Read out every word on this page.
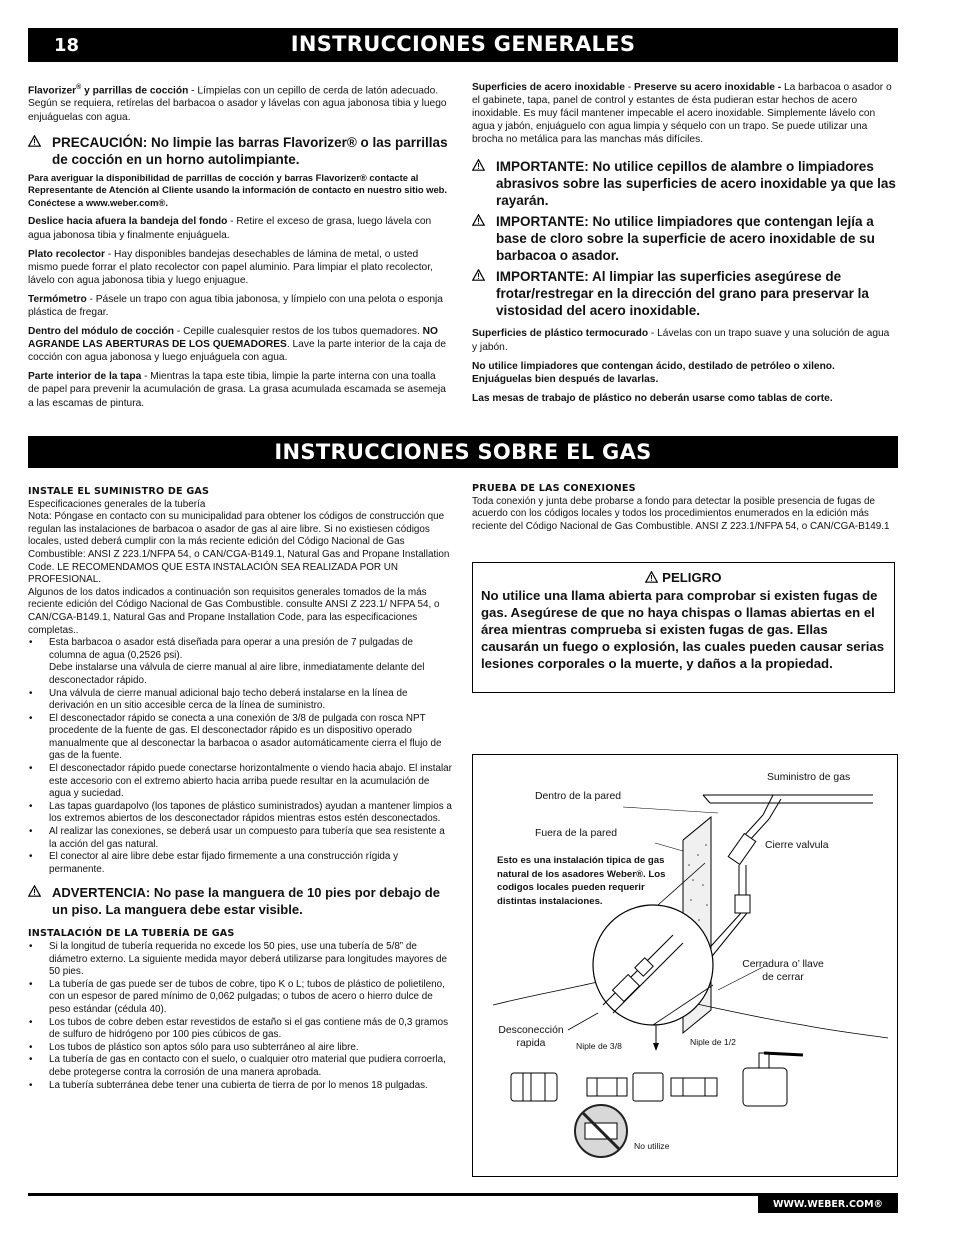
18	INSTRUCCIONES GENERALES

Flavorizer® y parrillas de cocción - Límpielas con un cepillo de cerda de latón adecuado. Según se requiera, retírelas del barbacoa o asador y lávelas con agua jabonosa tibia y luego enjuáguelas con agua.

PRECAUCIÓN: No limpie las barras Flavorizer® o las parrillas de cocción en un horno autolimpiante.

Para averiguar la disponibilidad de parrillas de cocción y barras Flavorizer® contacte al Representante de Atención al Cliente usando la información de contacto en nuestro sitio web. Conéctese a www.weber.com®.

Deslice hacia afuera la bandeja del fondo - Retire el exceso de grasa, luego lávela con agua jabonosa tibia y finalmente enjuáguela.

Plato recolector - Hay disponibles bandejas desechables de lámina de metal, o usted mismo puede forrar el plato recolector con papel aluminio. Para limpiar el plato recolector, lávelo con agua jabonosa tibia y luego enjuague.

Termómetro - Pásele un trapo con agua tibia jabonosa, y límpielo con una pelota o esponja plástica de fregar.

Dentro del módulo de cocción - Cepille cualesquier restos de los tubos quemadores. NO AGRANDE LAS ABERTURAS DE LOS QUEMADORES. Lave la parte interior de la caja de cocción con agua jabonosa y luego enjuáguela con agua.

Parte interior de la tapa - Mientras la tapa este tibia, limpie la parte interna con una toalla de papel para prevenir la acumulación de grasa. La grasa acumulada escamada se asemeja a las escamas de pintura.

Superficies de acero inoxidable - Preserve su acero inoxidable - La barbacoa o asador o el gabinete, tapa, panel de control y estantes de ésta pudieran estar hechos de acero inoxidable. Es muy fácil mantener impecable el acero inoxidable. Simplemente lávelo con agua y jabón, enjuáguelo con agua limpia y séquelo con un trapo. Se puede utilizar una brocha no metálica para las manchas más difíciles.

IMPORTANTE: No utilice cepillos de alambre o limpiadores abrasivos sobre las superficies de acero inoxidable ya que las rayarán.
IMPORTANTE: No utilice limpiadores que contengan lejía a base de cloro sobre la superficie de acero inoxidable de su barbacoa o asador.
IMPORTANTE: Al limpiar las superficies asegúrese de frotar/restregar en la dirección del grano para preservar la vistosidad del acero inoxidable.

Superficies de plástico termocurado - Lávelas con un trapo suave y una solución de agua y jabón.

No utilice limpiadores que contengan ácido, destilado de petróleo o xileno. Enjuáguelas bien después de lavarlas.

Las mesas de trabajo de plástico no deberán usarse como tablas de corte.

INSTRUCCIONES SOBRE EL GAS
INSTALE EL SUMINISTRO DE GAS
Especificaciones generales de la tubería
Nota: Póngase en contacto con su municipalidad para obtener los códigos de construcción que regulan las instalaciones de barbacoa o asador de gas al aire libre. Si no existiesen códigos locales, usted deberá cumplir con la más reciente edición del Código Nacional de Gas Combustible: ANSI Z 223.1/NFPA 54, o CAN/CGA-B149.1, Natural Gas and Propane Installation Code. LE RECOMENDAMOS QUE ESTA INSTALACIÓN SEA REALIZADA POR UN PROFESIONAL.
Algunos de los datos indicados a continuación son requisitos generales tomados de la más reciente edición del Código Nacional de Gas Combustible. consulte ANSI Z 223.1/ NFPA 54, o CAN/CGA-B149.1, Natural Gas and Propane Installation Code, para las especificaciones completas..
• Esta barbacoa o asador está diseñada para operar a una presión de 7 pulgadas de columna de agua (0,2526 psi).
Debe instalarse una válvula de cierre manual al aire libre, inmediatamente delante del desconectador rápido.
• Una válvula de cierre manual adicional bajo techo deberá instalarse en la línea de derivación en un sitio accesible cerca de la línea de suministro.
• El desconectador rápido se conecta a una conexión de 3/8 de pulgada con rosca NPT procedente de la fuente de gas. El desconectador rápido es un dispositivo operado manualmente que al desconectar la barbacoa o asador automáticamente cierra el flujo de gas de la fuente.
• El desconectador rápido puede conectarse horizontalmente o viendo hacia abajo. El instalar este accesorio con el extremo abierto hacia arriba puede resultar en la acumulación de agua y suciedad.
• Las tapas guardapolvo (los tapones de plástico suministrados) ayudan a mantener limpios a los extremos abiertos de los desconectador rápidos mientras estos estén desconectados.
• Al realizar las conexiones, se deberá usar un compuesto para tubería que sea resistente a la acción del gas natural.
• El conector al aire libre debe estar fijado firmemente a una construcción rígida y permanente.
ADVERTENCIA: No pase la manguera de 10 pies por debajo de un piso. La manguera debe estar visible.
INSTALACIÓN DE LA TUBERÍA DE GAS
• Si la longitud de tubería requerida no excede los 50 pies, use una tubería de 5/8” de diámetro externo. La siguiente medida mayor deberá utilizarse para longitudes mayores de 50 pies.
• La tubería de gas puede ser de tubos de cobre, tipo K o L; tubos de plástico de polietileno, con un espesor de pared mínimo de 0,062 pulgadas; o tubos de acero o hierro dulce de peso estándar (cédula 40).
• Los tubos de cobre deben estar revestidos de estaño si el gas contiene más de 0,3 gramos de sulfuro de hidrógeno por 100 pies cúbicos de gas.
• Los tubos de plástico son aptos sólo para uso subterráneo al aire libre.
• La tubería de gas en contacto con el suelo, o cualquier otro material que pudiera corroerla, debe protegerse contra la corrosión de una manera aprobada.
• La tubería subterránea debe tener una cubierta de tierra de por lo menos 18 pulgadas.
PRUEBA DE LAS CONEXIONES
Toda conexión y junta debe probarse a fondo para detectar la posible presencia de fugas de acuerdo con los códigos locales y todos los procedimientos enumerados en la edición más reciente del Código Nacional de Gas Combustible. ANSI Z 223.1/NFPA 54, o CAN/CGA-B149.1
PELIGRO
No utilice una llama abierta para comprobar si existen fugas de gas. Asegúrese de que no haya chispas o llamas abiertas en el área mientras comprueba si existen fugas de gas. Ellas causarán un fuego o explosión, las cuales pueden causar serias lesiones corporales o la muerte, y daños a la propiedad.
Suministro de gas
Dentro de la pared
Fuera de la pared
Cierre valvula
Esto es una instalación tipica de gas natural de los asadores Weber®. Los codigos locales pueden requerir distintas instalaciones.
Cerradura o’ llave
de cerrar
Desconección
rapida	Niple de 3/8	Niple de 1/2
No utilize
WWW.WEBER.COM®
